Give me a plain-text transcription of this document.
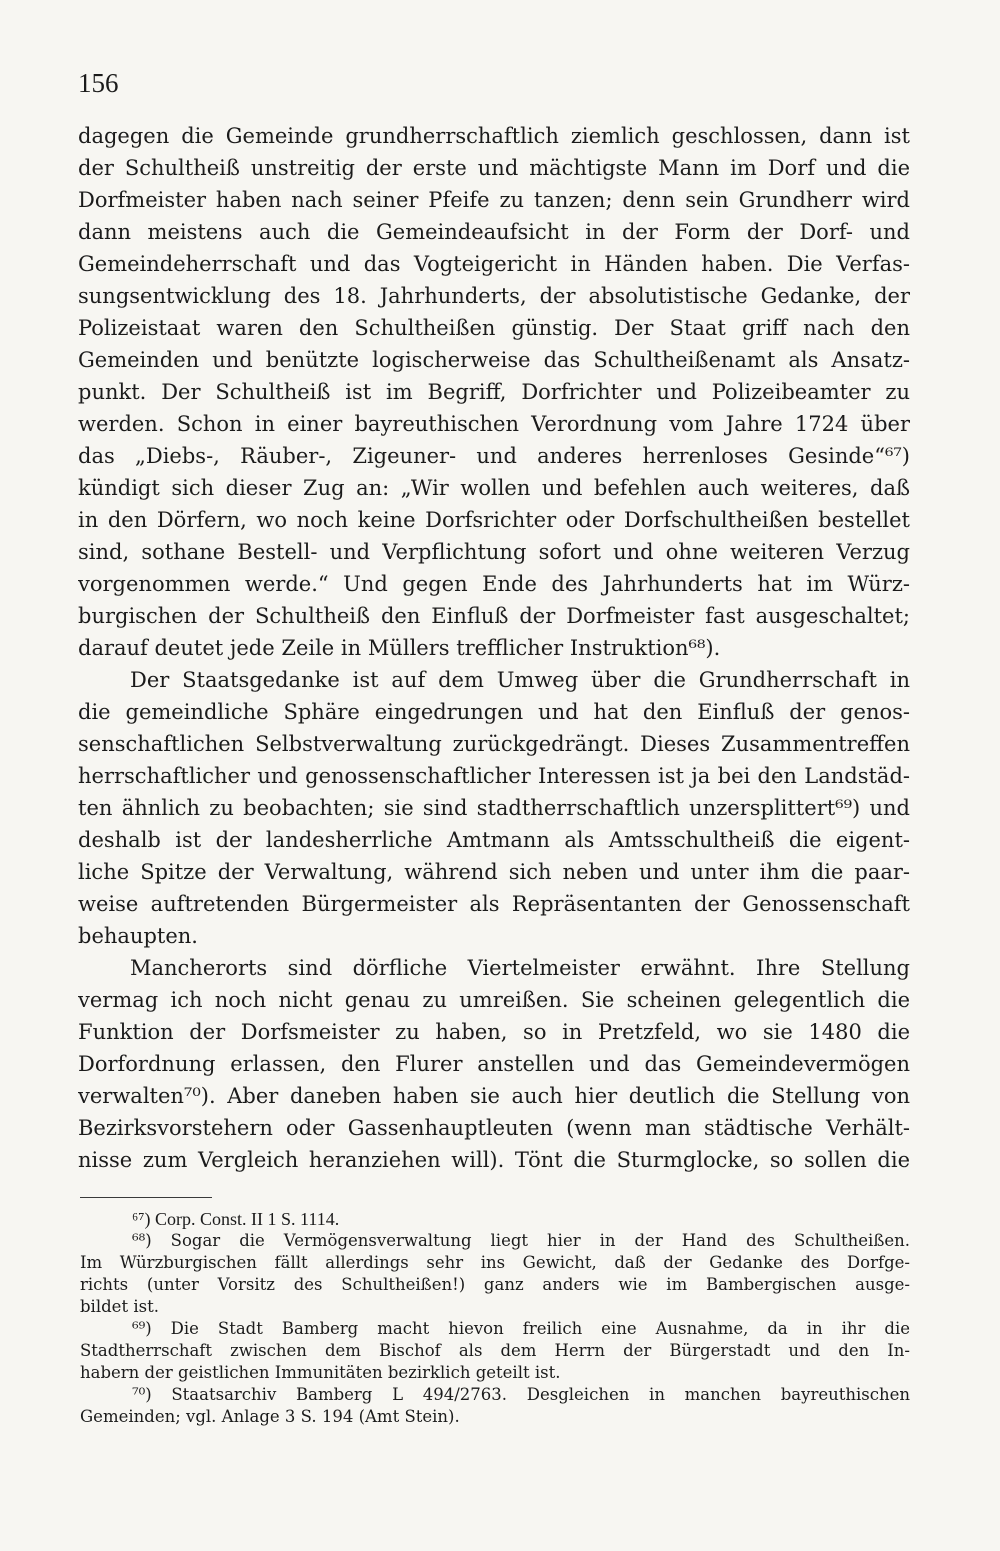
156
dagegen die Gemeinde grundherrschaftlich ziemlich geschlossen, dann ist
der Schultheiß unstreitig der erste und mächtigste Mann im Dorf und die
Dorfmeister haben nach seiner Pfeife zu tanzen; denn sein Grundherr wird
dann meistens auch die Gemeindeaufsicht in der Form der Dorf- und
Gemeindeherrschaft und das Vogteigericht in Händen haben. Die Verfas-
sungsentwicklung des 18. Jahrhunderts, der absolutistische Gedanke, der
Polizeistaat waren den Schultheißen günstig. Der Staat griff nach den
Gemeinden und benützte logischerweise das Schultheißenamt als Ansatz-
punkt. Der Schultheiß ist im Begriff, Dorfrichter und Polizeibeamter zu
werden. Schon in einer bayreuthischen Verordnung vom Jahre 1724 über
das „Diebs-, Räuber-, Zigeuner- und anderes herrenloses Gesinde“⁶⁷)
kündigt sich dieser Zug an: „Wir wollen und befehlen auch weiteres, daß
in den Dörfern, wo noch keine Dorfsrichter oder Dorfschultheißen bestellet
sind, sothane Bestell- und Verpflichtung sofort und ohne weiteren Verzug
vorgenommen werde.“ Und gegen Ende des Jahrhunderts hat im Würz-
burgischen der Schultheiß den Einfluß der Dorfmeister fast ausgeschaltet;
darauf deutet jede Zeile in Müllers trefflicher Instruktion⁶⁸).
Der Staatsgedanke ist auf dem Umweg über die Grundherrschaft in
die gemeindliche Sphäre eingedrungen und hat den Einfluß der genos-
senschaftlichen Selbstverwaltung zurückgedrängt. Dieses Zusammentreffen
herrschaftlicher und genossenschaftlicher Interessen ist ja bei den Landstäd-
ten ähnlich zu beobachten; sie sind stadtherrschaftlich unzersplittert⁶⁹) und
deshalb ist der landesherrliche Amtmann als Amtsschultheiß die eigent-
liche Spitze der Verwaltung, während sich neben und unter ihm die paar-
weise auftretenden Bürgermeister als Repräsentanten der Genossenschaft
behaupten.
Mancherorts sind dörfliche Viertelmeister erwähnt. Ihre Stellung
vermag ich noch nicht genau zu umreißen. Sie scheinen gelegentlich die
Funktion der Dorfsmeister zu haben, so in Pretzfeld, wo sie 1480 die
Dorfordnung erlassen, den Flurer anstellen und das Gemeindevermögen
verwalten⁷⁰). Aber daneben haben sie auch hier deutlich die Stellung von
Bezirksvorstehern oder Gassenhauptleuten (wenn man städtische Verhält-
nisse zum Vergleich heranziehen will). Tönt die Sturmglocke, so sollen die
⁶⁷) Corp. Const. II 1 S. 1114.
⁶⁸) Sogar die Vermögensverwaltung liegt hier in der Hand des Schultheißen.
Im Würzburgischen fällt allerdings sehr ins Gewicht, daß der Gedanke des Dorfge-
richts (unter Vorsitz des Schultheißen!) ganz anders wie im Bambergischen ausge-
bildet ist.
⁶⁹) Die Stadt Bamberg macht hievon freilich eine Ausnahme, da in ihr die
Stadtherrschaft zwischen dem Bischof als dem Herrn der Bürgerstadt und den In-
habern der geistlichen Immunitäten bezirklich geteilt ist.
⁷⁰) Staatsarchiv Bamberg L 494/2763. Desgleichen in manchen bayreuthischen
Gemeinden; vgl. Anlage 3 S. 194 (Amt Stein).
